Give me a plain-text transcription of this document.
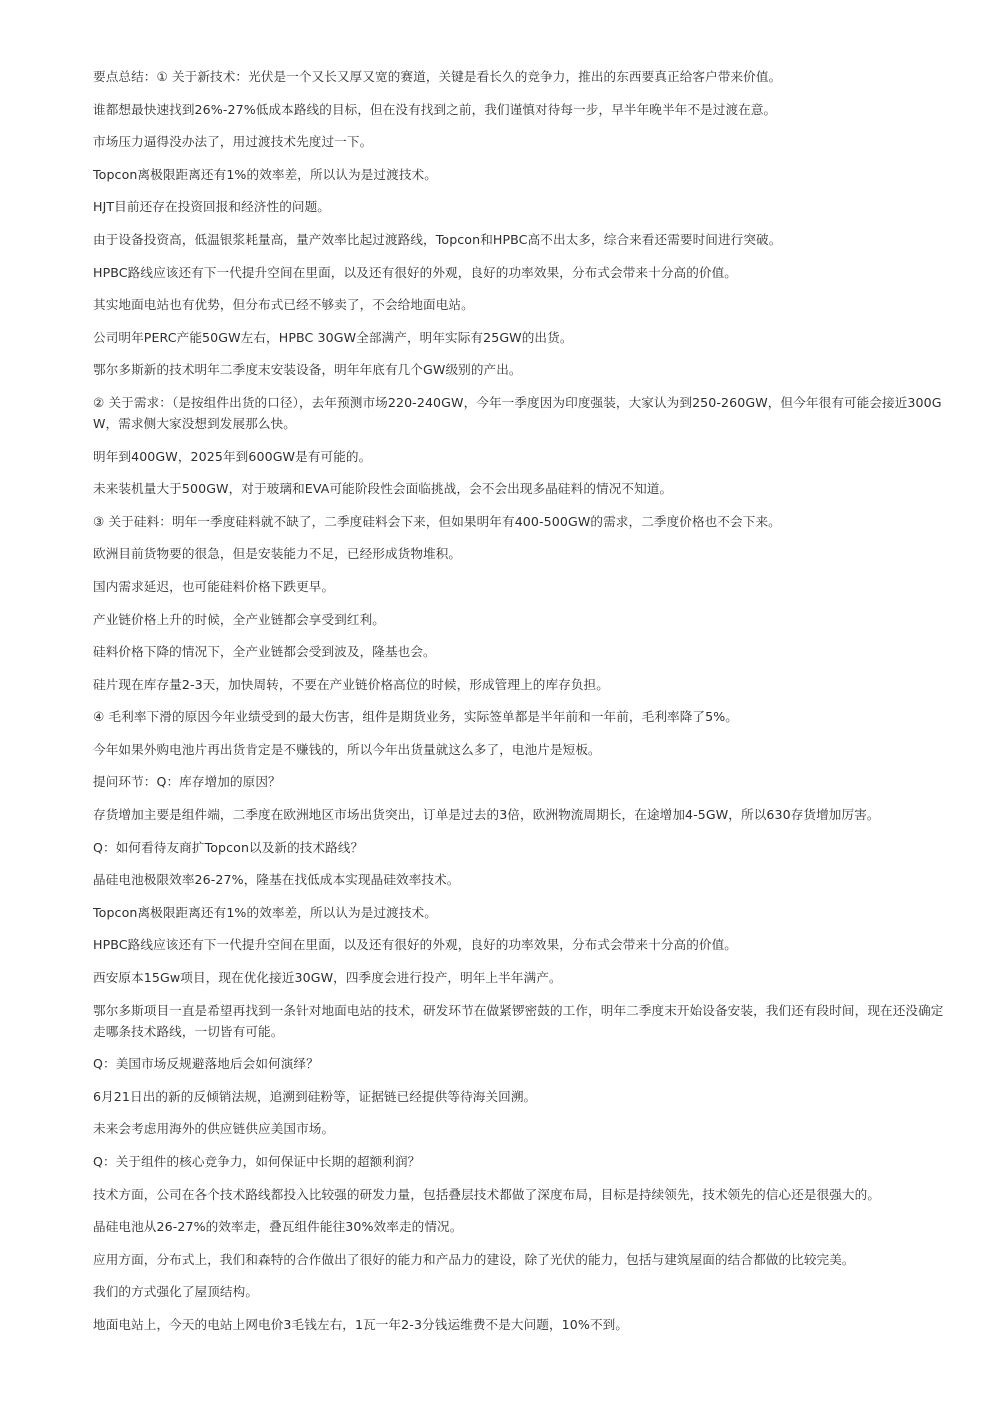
要点总结：① 关于新技术：光伏是一个又长又厚又宽的赛道，关键是看长久的竞争力，推出的东西要真正给客户带来价值。

谁都想最快速找到26%-27%低成本路线的目标，但在没有找到之前，我们谨慎对待每一步，早半年晚半年不是过渡在意。

市场压力逼得没办法了，用过渡技术先度过一下。

Topcon离极限距离还有1%的效率差，所以认为是过渡技术。

HJT目前还存在投资回报和经济性的问题。

由于设备投资高，低温银浆耗量高，量产效率比起过渡路线，Topcon和HPBC高不出太多，综合来看还需要时间进行突破。

HPBC路线应该还有下一代提升空间在里面，以及还有很好的外观，良好的功率效果，分布式会带来十分高的价值。

其实地面电站也有优势，但分布式已经不够卖了，不会给地面电站。

公司明年PERC产能50GW左右，HPBC 30GW全部满产，明年实际有25GW的出货。

鄂尔多斯新的技术明年二季度末安装设备，明年年底有几个GW级别的产出。

② 关于需求：（是按组件出货的口径），去年预测市场220-240GW，今年一季度因为印度强装，大家认为到250-260GW，但今年很有可能会接近300GW，需求侧大家没想到发展那么快。

明年到400GW，2025年到600GW是有可能的。

未来装机量大于500GW，对于玻璃和EVA可能阶段性会面临挑战，会不会出现多晶硅料的情况不知道。

③ 关于硅料：明年一季度硅料就不缺了，二季度硅料会下来，但如果明年有400-500GW的需求，二季度价格也不会下来。

欧洲目前货物要的很急，但是安装能力不足，已经形成货物堆积。

国内需求延迟，也可能硅料价格下跌更早。

产业链价格上升的时候，全产业链都会享受到红利。

硅料价格下降的情况下，全产业链都会受到波及，隆基也会。

硅片现在库存量2-3天，加快周转，不要在产业链价格高位的时候，形成管理上的库存负担。

④ 毛利率下滑的原因今年业绩受到的最大伤害，组件是期货业务，实际签单都是半年前和一年前，毛利率降了5%。

今年如果外购电池片再出货肯定是不赚钱的，所以今年出货量就这么多了，电池片是短板。

提问环节：Q：库存增加的原因？

存货增加主要是组件端，二季度在欧洲地区市场出货突出，订单是过去的3倍，欧洲物流周期长，在途增加4-5GW，所以630存货增加厉害。

Q：如何看待友商扩Topcon以及新的技术路线？

晶硅电池极限效率26-27%，隆基在找低成本实现晶硅效率技术。

Topcon离极限距离还有1%的效率差，所以认为是过渡技术。

HPBC路线应该还有下一代提升空间在里面，以及还有很好的外观，良好的功率效果，分布式会带来十分高的价值。

西安原本15Gw项目，现在优化接近30GW，四季度会进行投产，明年上半年满产。

鄂尔多斯项目一直是希望再找到一条针对地面电站的技术，研发环节在做紧锣密鼓的工作，明年二季度末开始设备安装，我们还有段时间，现在还没确定走哪条技术路线，一切皆有可能。

Q：美国市场反规避落地后会如何演绎？

6月21日出的新的反倾销法规，追溯到硅粉等，证据链已经提供等待海关回溯。

未来会考虑用海外的供应链供应美国市场。

Q：关于组件的核心竞争力，如何保证中长期的超额利润？

技术方面，公司在各个技术路线都投入比较强的研发力量，包括叠层技术都做了深度布局，目标是持续领先，技术领先的信心还是很强大的。

晶硅电池从26-27%的效率走，叠瓦组件能往30%效率走的情况。

应用方面，分布式上，我们和森特的合作做出了很好的能力和产品力的建设，除了光伏的能力，包括与建筑屋面的结合都做的比较完美。

我们的方式强化了屋顶结构。

地面电站上，今天的电站上网电价3毛钱左右，1瓦一年2-3分钱运维费不是大问题，10%不到。
